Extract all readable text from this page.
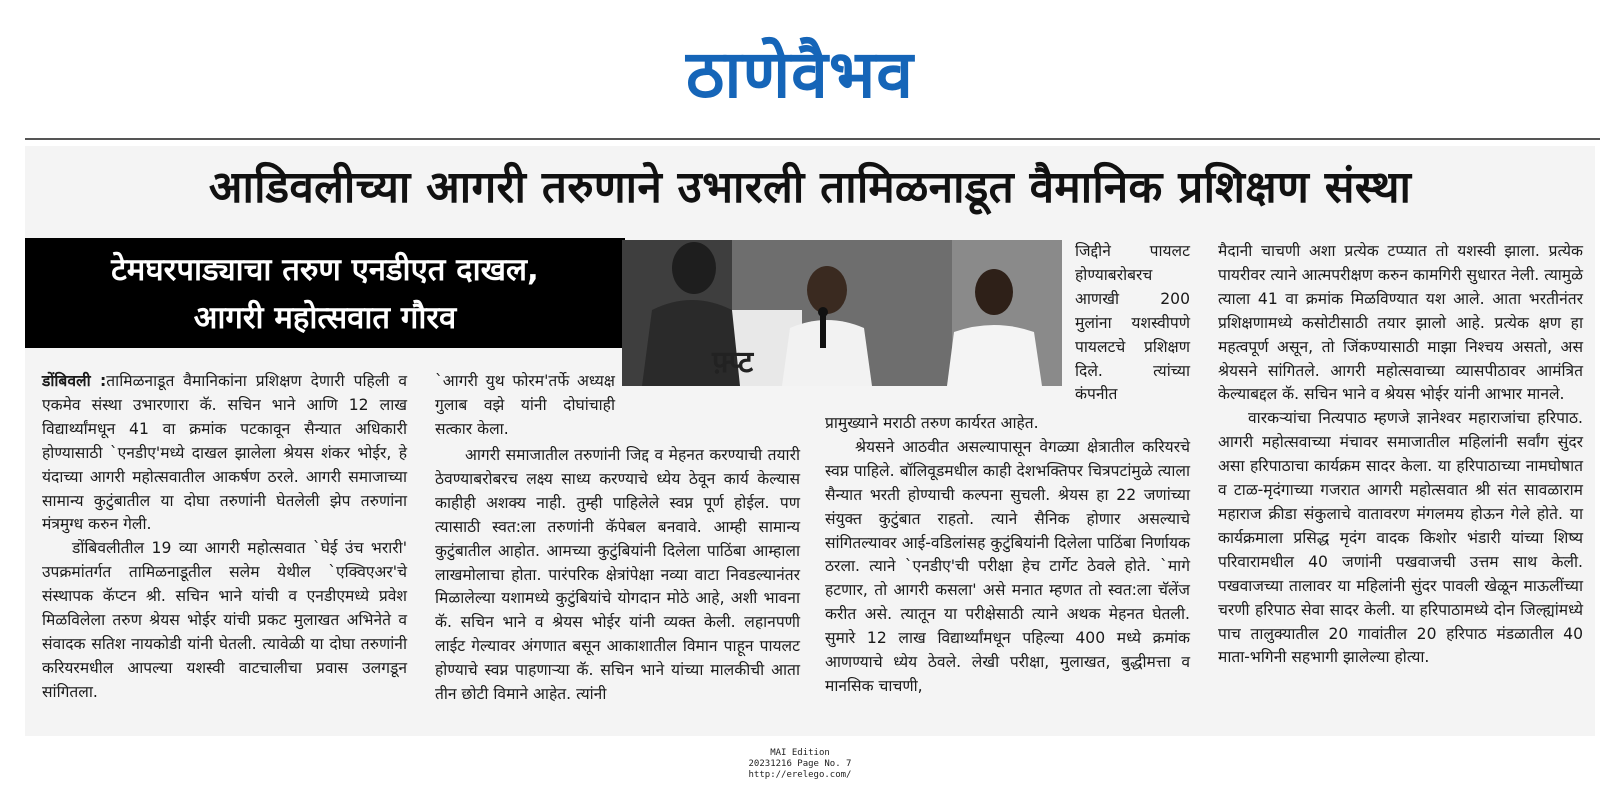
ठाणेवैभव
आडिवलीच्या आगरी तरुणाने उभारली तामिळनाडूत वैमानिक प्रशिक्षण संस्था
टेमघरपाड्याचा तरुण एनडीएत दाखल,
आगरी महोत्सवात गौरव
फ़्प्ट

डोंबिवली :तामिळनाडूत वैमानिकांना प्रशिक्षण देणारी पहिली व एकमेव संस्था उभारणारा कॅ. सचिन भाने आणि 12 लाख विद्यार्थ्यांमधून 41 वा क्रमांक पटकावून सैन्यात अधिकारी होण्यासाठी `एनडीए'मध्ये दाखल झालेला श्रेयस शंकर भोईर, हे यंदाच्या आगरी महोत्सवातील आकर्षण ठरले. आगरी समाजाच्या सामान्य कुटुंबातील या दोघा तरुणांनी घेतलेली झेप तरुणांना मंत्रमुग्ध करुन गेली.

डोंबिवलीतील 19 व्या आगरी महोत्सवात `घेई उंच भरारी' उपक्रमांतर्गत तामिळनाडूतील सलेम येथील `एक्विएअर'चे संस्थापक कॅप्टन श्री. सचिन भाने यांची व एनडीएमध्ये प्रवेश मिळविलेला तरुण श्रेयस भोईर यांची प्रकट मुलाखत अभिनेते व संवादक सतिश नायकोडी यांनी घेतली. त्यावेळी या दोघा तरुणांनी करियरमधील आपल्या यशस्वी वाटचालीचा प्रवास उलगडून सांगितला.

`आगरी युथ फोरम'तर्फे अध्यक्ष गुलाब वझे यांनी दोघांचाही सत्कार केला.

आगरी समाजातील तरुणांनी जिद्द व मेहनत करण्याची तयारी ठेवण्याबरोबरच लक्ष्य साध्य करण्याचे ध्येय ठेवून कार्य केल्यास काहीही अशक्य नाही. तुम्ही पाहिलेले स्वप्न पूर्ण होईल. पण त्यासाठी स्वत:ला तरुणांनी कॅपेबल बनवावे. आम्ही सामान्य कुटुंबातील आहोत. आमच्या कुटुंबियांनी दिलेला पाठिंबा आम्हाला लाखमोलाचा होता. पारंपरिक क्षेत्रांपेक्षा नव्या वाटा निवडल्यानंतर मिळालेल्या यशामध्ये कुटुंबियांचे योगदान मोठे आहे, अशी भावना कॅ. सचिन भाने व श्रेयस भोईर यांनी व्यक्त केली. लहानपणी लाईट गेल्यावर अंगणात बसून आकाशातील विमान पाहून पायलट होण्याचे स्वप्न पाहणाऱ्या कॅ. सचिन भाने यांच्या मालकीची आता तीन छोटी विमाने आहेत. त्यांनी

जिद्दीने पायलट होण्याबरोबरच आणखी 200 मुलांना यशस्वीपणे पायलटचे प्रशिक्षण दिले. त्यांच्या कंपनीत

प्रामुख्याने मराठी तरुण कार्यरत आहेत.

श्रेयसने आठवीत असल्यापासून वेगळ्या क्षेत्रातील करियरचे स्वप्न पाहिले. बॉलिवूडमधील काही देशभक्तिपर चित्रपटांमुळे त्याला सैन्यात भरती होण्याची कल्पना सुचली. श्रेयस हा 22 जणांच्या संयुक्त कुटुंबात राहतो. त्याने सैनिक होणार असल्याचे सांगितल्यावर आई-वडिलांसह कुटुंबियांनी दिलेला पाठिंबा निर्णायक ठरला. त्याने `एनडीए'ची परीक्षा हेच टार्गेट ठेवले होते. `मागे हटणार, तो आगरी कसला' असे मनात म्हणत तो स्वत:ला चॅलेंज करीत असे. त्यातून या परीक्षेसाठी त्याने अथक मेहनत घेतली. सुमारे 12 लाख विद्यार्थ्यांमधून पहिल्या 400 मध्ये क्रमांक आणण्याचे ध्येय ठेवले. लेखी परीक्षा, मुलाखत, बुद्धीमत्ता व मानसिक चाचणी,

मैदानी चाचणी अशा प्रत्येक टप्प्यात तो यशस्वी झाला. प्रत्येक पायरीवर त्याने आत्मपरीक्षण करुन कामगिरी सुधारत नेली. त्यामुळे त्याला 41 वा क्रमांक मिळविण्यात यश आले. आता भरतीनंतर प्रशिक्षणामध्ये कसोटीसाठी तयार झालो आहे. प्रत्येक क्षण हा महत्वपूर्ण असून, तो जिंकण्यासाठी माझा निश्चय असतो, अस श्रेयसने सांगितले. आगरी महोत्सवाच्या व्यासपीठावर आमंत्रित केल्याबद्दल कॅ. सचिन भाने व श्रेयस भोईर यांनी आभार मानले.

वारकऱ्यांचा नित्यपाठ म्हणजे ज्ञानेश्वर महाराजांचा हरिपाठ. आगरी महोत्सवाच्या मंचावर समाजातील महिलांनी सर्वांग सुंदर असा हरिपाठाचा कार्यक्रम सादर केला. या हरिपाठाच्या नामघोषात व टाळ-मृदंगाच्या गजरात आगरी महोत्सवात श्री संत सावळाराम महाराज क्रीडा संकुलाचे वातावरण मंगलमय होऊन गेले होते. या कार्यक्रमाला प्रसिद्ध मृदंग वादक किशोर भंडारी यांच्या शिष्य परिवारामधील 40 जणांनी पखवाजची उत्तम साथ केली. पखवाजच्या तालावर या महिलांनी सुंदर पावली खेळून माऊलींच्या चरणी हरिपाठ सेवा सादर केली. या हरिपाठामध्ये दोन जिल्ह्यांमध्ये पाच तालुक्यातील 20 गावांतील 20 हरिपाठ मंडळातील 40 माता-भगिनी सहभागी झालेल्या होत्या.

MAI Edition
20231216 Page No. 7
http://erelego.com/
